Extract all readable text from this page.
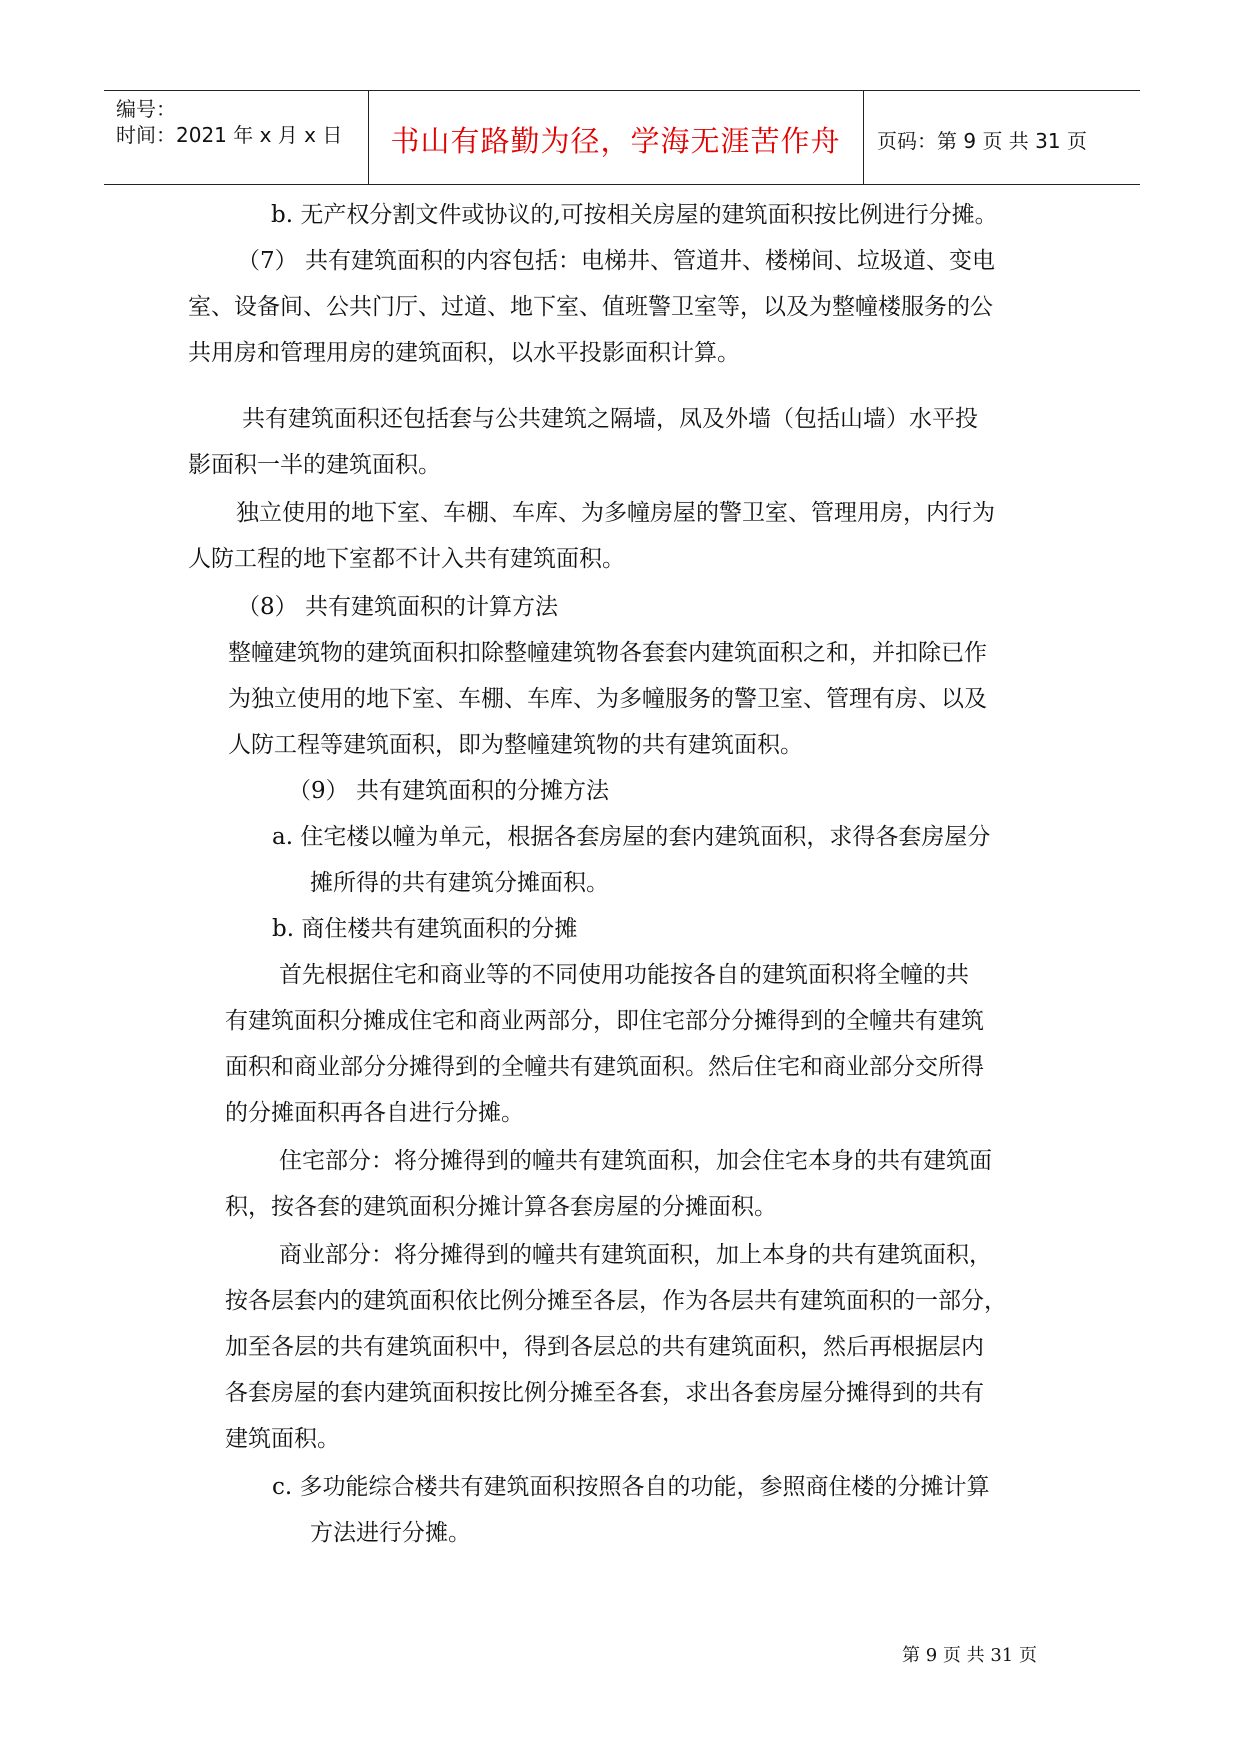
编号：
时间：2021 年 x 月 x 日	书山有路勤为径，学海无涯苦作舟	页码：第 9 页 共 31 页

b. 无产权分割文件或协议的,可按相关房屋的建筑面积按比例进行分摊。

（7） 共有建筑面积的内容包括：电梯井、管道井、楼梯间、垃圾道、变电

室、设备间、公共门厅、过道、地下室、值班警卫室等，以及为整幢楼服务的公

共用房和管理用房的建筑面积，以水平投影面积计算。

共有建筑面积还包括套与公共建筑之隔墙，凤及外墙（包括山墙）水平投

影面积一半的建筑面积。

独立使用的地下室、车棚、车库、为多幢房屋的警卫室、管理用房，内行为

人防工程的地下室都不计入共有建筑面积。

（8） 共有建筑面积的计算方法

整幢建筑物的建筑面积扣除整幢建筑物各套套内建筑面积之和，并扣除已作

为独立使用的地下室、车棚、车库、为多幢服务的警卫室、管理有房、以及

人防工程等建筑面积，即为整幢建筑物的共有建筑面积。

（9） 共有建筑面积的分摊方法

a. 住宅楼以幢为单元，根据各套房屋的套内建筑面积，求得各套房屋分

摊所得的共有建筑分摊面积。

b. 商住楼共有建筑面积的分摊

首先根据住宅和商业等的不同使用功能按各自的建筑面积将全幢的共

有建筑面积分摊成住宅和商业两部分，即住宅部分分摊得到的全幢共有建筑

面积和商业部分分摊得到的全幢共有建筑面积。然后住宅和商业部分交所得

的分摊面积再各自进行分摊。

住宅部分：将分摊得到的幢共有建筑面积，加会住宅本身的共有建筑面

积，按各套的建筑面积分摊计算各套房屋的分摊面积。

商业部分：将分摊得到的幢共有建筑面积，加上本身的共有建筑面积，

按各层套内的建筑面积依比例分摊至各层，作为各层共有建筑面积的一部分，

加至各层的共有建筑面积中，得到各层总的共有建筑面积，然后再根据层内

各套房屋的套内建筑面积按比例分摊至各套，求出各套房屋分摊得到的共有

建筑面积。

c. 多功能综合楼共有建筑面积按照各自的功能，参照商住楼的分摊计算

方法进行分摊。

第 9 页 共 31 页
